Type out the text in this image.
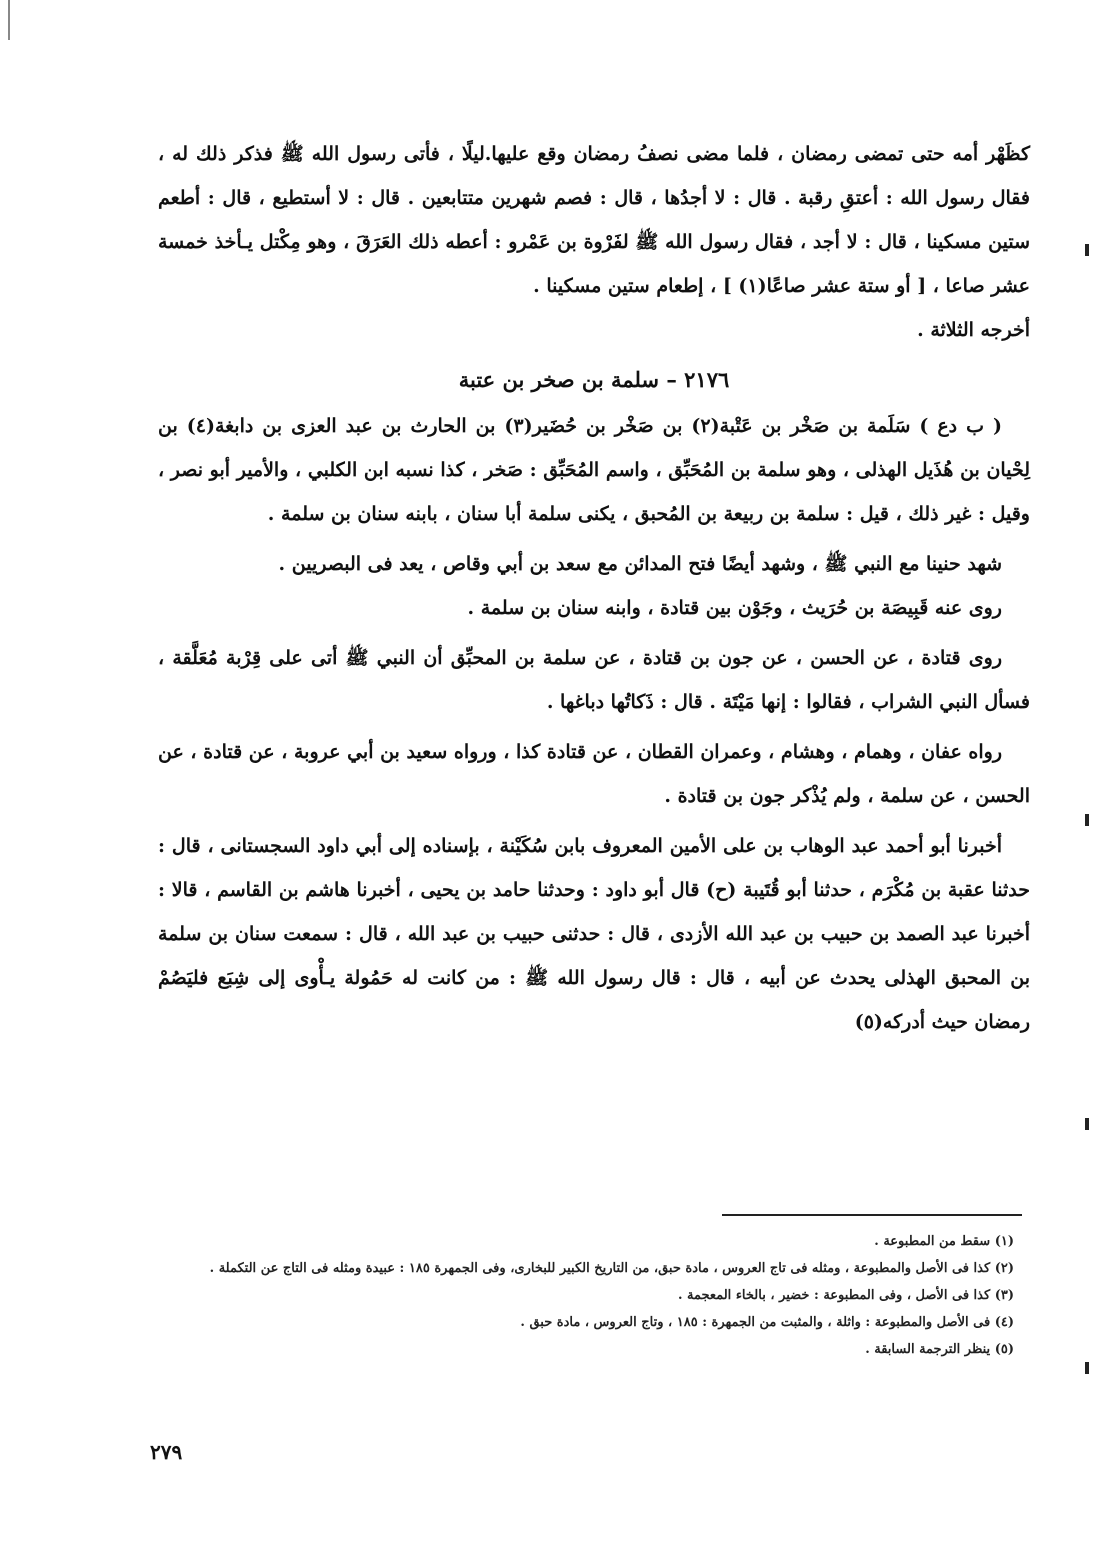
كظَهْر أمه حتى تمضى رمضان ، فلما مضى نصفُ رمضان وقع عليها.ليلًا ، فأتى رسول الله ﷺ فذكر ذلك له ، فقال رسول الله : أعتقِ رقبة . قال : لا أجدُها ، قال : فصم شهرين متتابعين . قال : لا أستطيع ، قال : أطعم ستين مسكينا ، قال : لا أجد ، فقال رسول الله ﷺ لفَرْوة بن عَمْرو : أعطه ذلك العَرَقَ ، وهو مِكْتل يـأخذ خمسة عشر صاعا ، [ أو ستة عشر صاعًا(١) ] ، إطعام ستين مسكينا .

أخرجه الثلاثة .

٢١٧٦ – سلمة بن صخر بن عتبة

( ب دع ) سَلَمة بن صَخْر بن عَتْبة(٢) بن صَخْر بن حُضَير(٣) بن الحارث بن عبد العزى بن دابغة(٤) بن لِحْيان بن هُذَيل الهذلى ، وهو سلمة بن المُحَبِّق ، واسم المُحَبِّق : صَخر ، كذا نسبه ابن الكلبي ، والأمير أبو نصر ، وقيل : غير ذلك ، قيل : سلمة بن ربيعة بن المُحبق ، يكنى سلمة أبا سنان ، بابنه سنان بن سلمة .

شهد حنينا مع النبي ﷺ ، وشهد أيضًا فتح المدائن مع سعد بن أبي وقاص ، يعد فى البصريين .

روى عنه قَبِيصَة بن حُرَيث ، وجَوْن بين قتادة ، وابنه سنان بن سلمة .

روى قتادة ، عن الحسن ، عن جون بن قتادة ، عن سلمة بن المحبِّق أن النبي ﷺ أتى على قِرْبة مُعَلَّقة ، فسأل النبي الشراب ، فقالوا : إنها مَيْتَة . قال : ذَكاتُها دباغها .

رواه عفان ، وهمام ، وهشام ، وعمران القطان ، عن قتادة كذا ، ورواه سعيد بن أبي عروبة ، عن قتادة ، عن الحسن ، عن سلمة ، ولم يُذْكر جون بن قتادة .

أخبرنا أبو أحمد عبد الوهاب بن على الأمين المعروف بابن سُكَيْنة ، بإسناده إلى أبي داود السجستانى ، قال : حدثنا عقبة بن مُكْرَم ، حدثنا أبو قُتَيبة (ح) قال أبو داود : وحدثنا حامد بن يحيى ، أخبرنا هاشم بن القاسم ، قالا : أخبرنا عبد الصمد بن حبيب بن عبد الله الأزدى ، قال : حدثنى حبيب بن عبد الله ، قال : سمعت سنان بن سلمة بن المحبق الهذلى يحدث عن أبيه ، قال : قال رسول الله ﷺ : من كانت له حَمُولة يـأْوى إلى شِبَع فليَصُمْ رمضان حيث أدركه(٥)

(١) سقط من المطبوعة .

(٢) كذا فى الأصل والمطبوعة ، ومثله فى تاج العروس ، مادة حبق، من التاريخ الكبير للبخارى، وفى الجمهرة ١٨٥ : عبيدة ومثله فى التاج عن التكملة .

(٣) كذا فى الأصل ، وفى المطبوعة : خضير ، بالخاء المعجمة .

(٤) فى الأصل والمطبوعة : واثلة ، والمثبت من الجمهرة : ١٨٥ ، وتاج العروس ، مادة حبق .

(٥) ينظر الترجمة السابقة .

٢٧٩
